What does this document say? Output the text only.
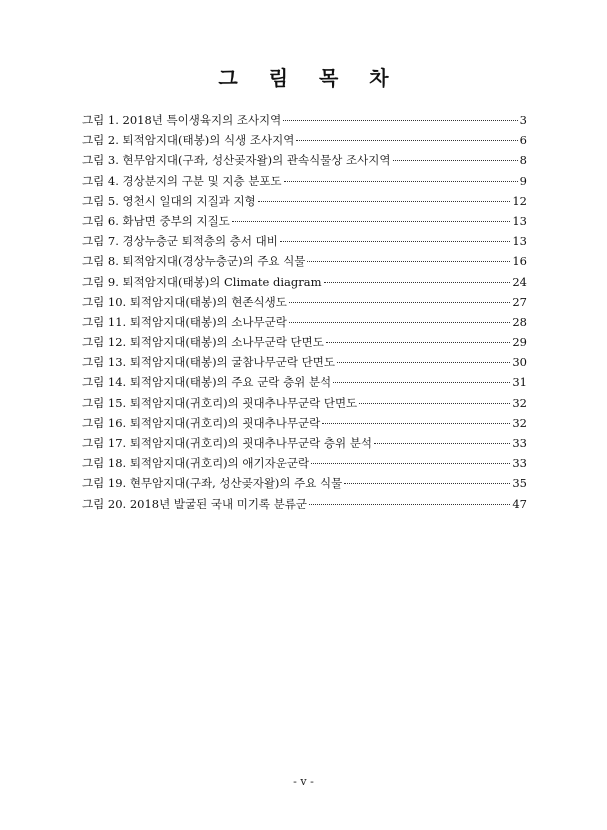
그 림 목 차
그림 1. 2018년 특이생육지의 조사지역	3
그림 2. 퇴적암지대(태봉)의 식생 조사지역	6
그림 3. 현무암지대(구좌, 성산곶자왈)의 관속식물상 조사지역	8
그림 4. 경상분지의 구분 및 지층 분포도	9
그림 5. 영천시 일대의 지질과 지형	12
그림 6. 화남면 중부의 지질도	13
그림 7. 경상누층군 퇴적층의 층서 대비	13
그림 8. 퇴적암지대(경상누층군)의 주요 식물	16
그림 9. 퇴적암지대(태봉)의 Climate diagram	24
그림 10. 퇴적암지대(태봉)의 현존식생도	27
그림 11. 퇴적암지대(태봉)의 소나무군락	28
그림 12. 퇴적암지대(태봉)의 소나무군락 단면도	29
그림 13. 퇴적암지대(태봉)의 굴참나무군락 단면도	30
그림 14. 퇴적암지대(태봉)의 주요 군락 층위 분석	31
그림 15. 퇴적암지대(귀호리)의 굇대추나무군락 단면도	32
그림 16. 퇴적암지대(귀호리)의 굇대추나무군락	32
그림 17. 퇴적암지대(귀호리)의 굇대추나무군락 층위 분석	33
그림 18. 퇴적암지대(귀호리)의 애기자운군락	33
그림 19. 현무암지대(구좌, 성산곶자왈)의 주요 식물	35
그림 20. 2018년 발굴된 국내 미기록 분류군	47
- v -
